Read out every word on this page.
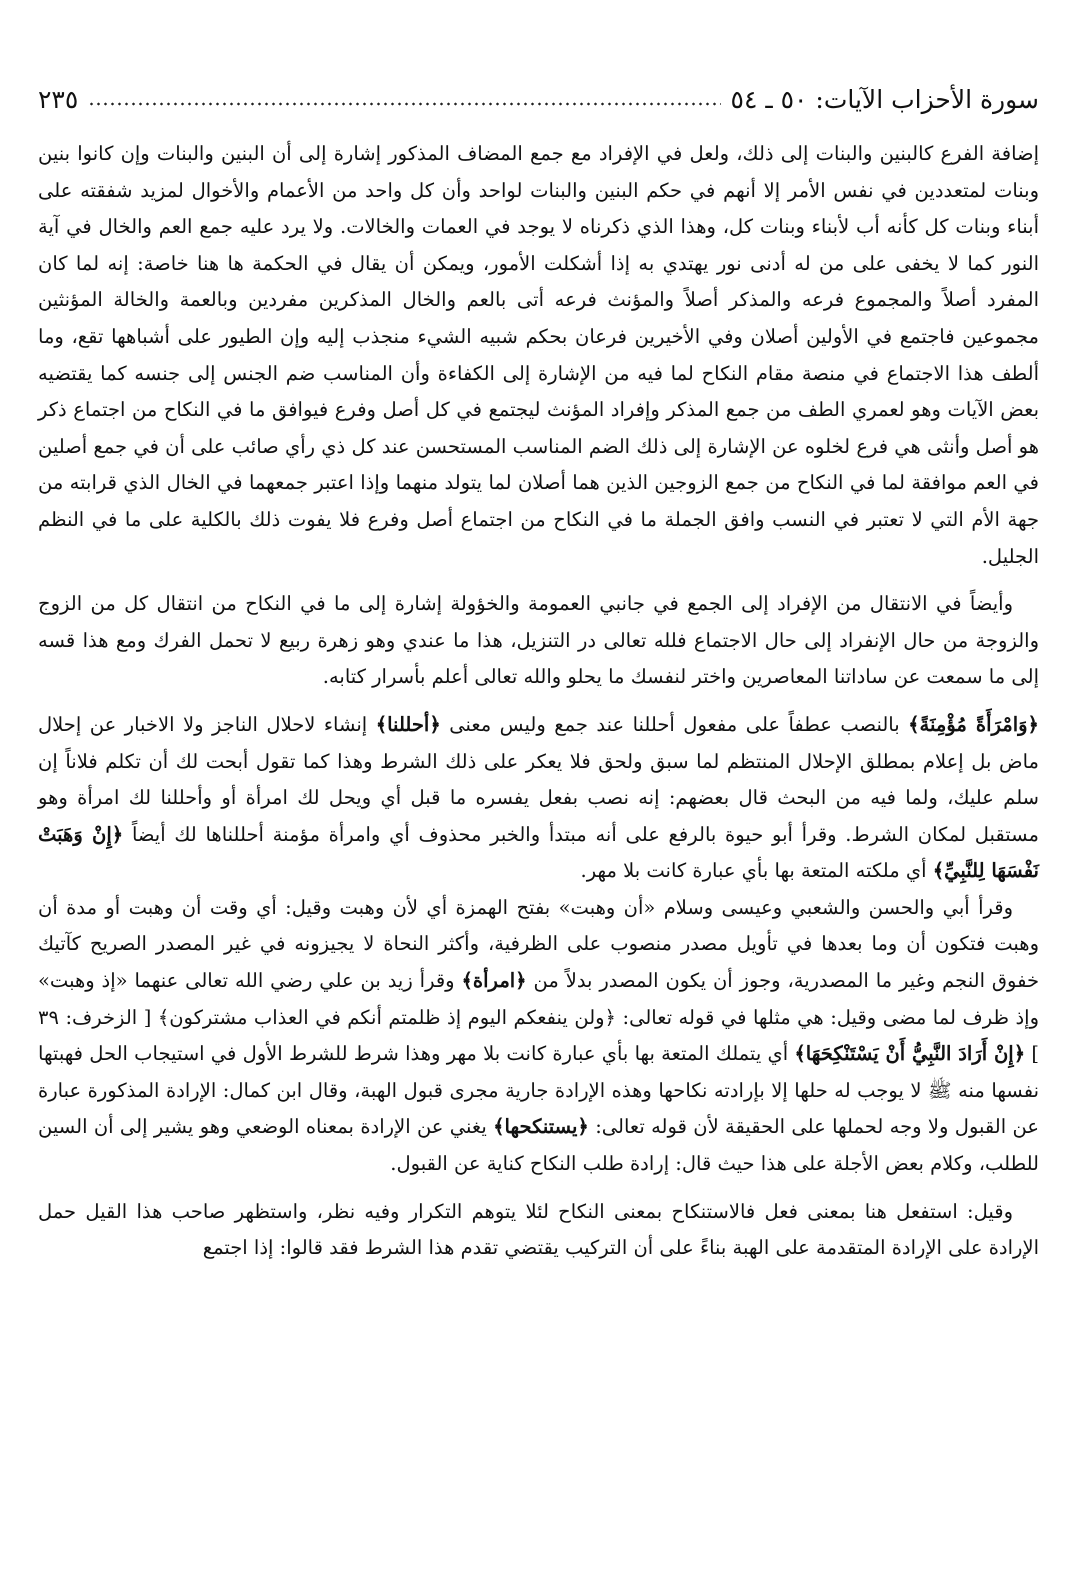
سورة الأحزاب الآيات: ٥٠ ـ ٥٤
٢٣٥

إضافة الفرع كالبنين والبنات إلى ذلك، ولعل في الإفراد مع جمع المضاف المذكور إشارة إلى أن البنين والبنات وإن كانوا بنين وبنات لمتعددين في نفس الأمر إلا أنهم في حكم البنين والبنات لواحد وأن كل واحد من الأعمام والأخوال لمزيد شفقته على أبناء وبنات كل كأنه أب لأبناء وبنات كل، وهذا الذي ذكرناه لا يوجد في العمات والخالات. ولا يرد عليه جمع العم والخال في آية النور كما لا يخفى على من له أدنى نور يهتدي به إذا أشكلت الأمور، ويمكن أن يقال في الحكمة ها هنا خاصة: إنه لما كان المفرد أصلاً والمجموع فرعه والمذكر أصلاً والمؤنث فرعه أتى بالعم والخال المذكرين مفردين وبالعمة والخالة المؤنثين مجموعين فاجتمع في الأولين أصلان وفي الأخيرين فرعان بحكم شبيه الشيء منجذب إليه وإن الطيور على أشباهها تقع، وما ألطف هذا الاجتماع في منصة مقام النكاح لما فيه من الإشارة إلى الكفاءة وأن المناسب ضم الجنس إلى جنسه كما يقتضيه بعض الآيات وهو لعمري الطف من جمع المذكر وإفراد المؤنث ليجتمع في كل أصل وفرع فيوافق ما في النكاح من اجتماع ذكر هو أصل وأنثى هي فرع لخلوه عن الإشارة إلى ذلك الضم المناسب المستحسن عند كل ذي رأي صائب على أن في جمع أصلين في العم موافقة لما في النكاح من جمع الزوجين الذين هما أصلان لما يتولد منهما وإذا اعتبر جمعهما في الخال الذي قرابته من جهة الأم التي لا تعتبر في النسب وافق الجملة ما في النكاح من اجتماع أصل وفرع فلا يفوت ذلك بالكلية على ما في النظم الجليل.

وأيضاً في الانتقال من الإفراد إلى الجمع في جانبي العمومة والخؤولة إشارة إلى ما في النكاح من انتقال كل من الزوج والزوجة من حال الإنفراد إلى حال الاجتماع فلله تعالى در التنزيل، هذا ما عندي وهو زهرة ربيع لا تحمل الفرك ومع هذا قسه إلى ما سمعت عن ساداتنا المعاصرين واختر لنفسك ما يحلو والله تعالى أعلم بأسرار كتابه.

﴿وَامْرَأَةً مُؤْمِنَةً﴾ بالنصب عطفاً على مفعول أحللنا عند جمع وليس معنى ﴿أحللنا﴾ إنشاء لاحلال الناجز ولا الاخبار عن إحلال ماض بل إعلام بمطلق الإحلال المنتظم لما سبق ولحق فلا يعكر على ذلك الشرط وهذا كما تقول أبحت لك أن تكلم فلاناً إن سلم عليك، ولما فيه من البحث قال بعضهم: إنه نصب بفعل يفسره ما قبل أي ويحل لك امرأة أو وأحللنا لك امرأة وهو مستقبل لمكان الشرط. وقرأ أبو حيوة بالرفع على أنه مبتدأ والخبر محذوف أي وامرأة مؤمنة أحللناها لك أيضاً ﴿إِنْ وَهَبَتْ نَفْسَهَا لِلنَّبِيِّ﴾ أي ملكته المتعة بها بأي عبارة كانت بلا مهر.

وقرأ أبي والحسن والشعبي وعيسى وسلام «أن وهبت» بفتح الهمزة أي لأن وهبت وقيل: أي وقت أن وهبت أو مدة أن وهبت فتكون أن وما بعدها في تأويل مصدر منصوب على الظرفية، وأكثر النحاة لا يجيزونه في غير المصدر الصريح كآتيك خفوق النجم وغير ما المصدرية، وجوز أن يكون المصدر بدلاً من ﴿امرأة﴾ وقرأ زيد بن علي رضي الله تعالى عنهما «إذ وهبت» وإذ ظرف لما مضى وقيل: هي مثلها في قوله تعالى: ﴿ولن ينفعكم اليوم إذ ظلمتم أنكم في العذاب مشتركون﴾ [ الزخرف: ٣٩ ] ﴿إِنْ أَرَادَ النَّبِيُّ أَنْ يَسْتَنْكِحَهَا﴾ أي يتملك المتعة بها بأي عبارة كانت بلا مهر وهذا شرط للشرط الأول في استيجاب الحل فهبتها نفسها منه ﷺ لا يوجب له حلها إلا بإرادته نكاحها وهذه الإرادة جارية مجرى قبول الهبة، وقال ابن كمال: الإرادة المذكورة عبارة عن القبول ولا وجه لحملها على الحقيقة لأن قوله تعالى: ﴿يستنكحها﴾ يغني عن الإرادة بمعناه الوضعي وهو يشير إلى أن السين للطلب، وكلام بعض الأجلة على هذا حيث قال: إرادة طلب النكاح كناية عن القبول.

وقيل: استفعل هنا بمعنى فعل فالاستنكاح بمعنى النكاح لئلا يتوهم التكرار وفيه نظر، واستظهر صاحب هذا القيل حمل الإرادة على الإرادة المتقدمة على الهبة بناءً على أن التركيب يقتضي تقدم هذا الشرط فقد قالوا: إذا اجتمع
